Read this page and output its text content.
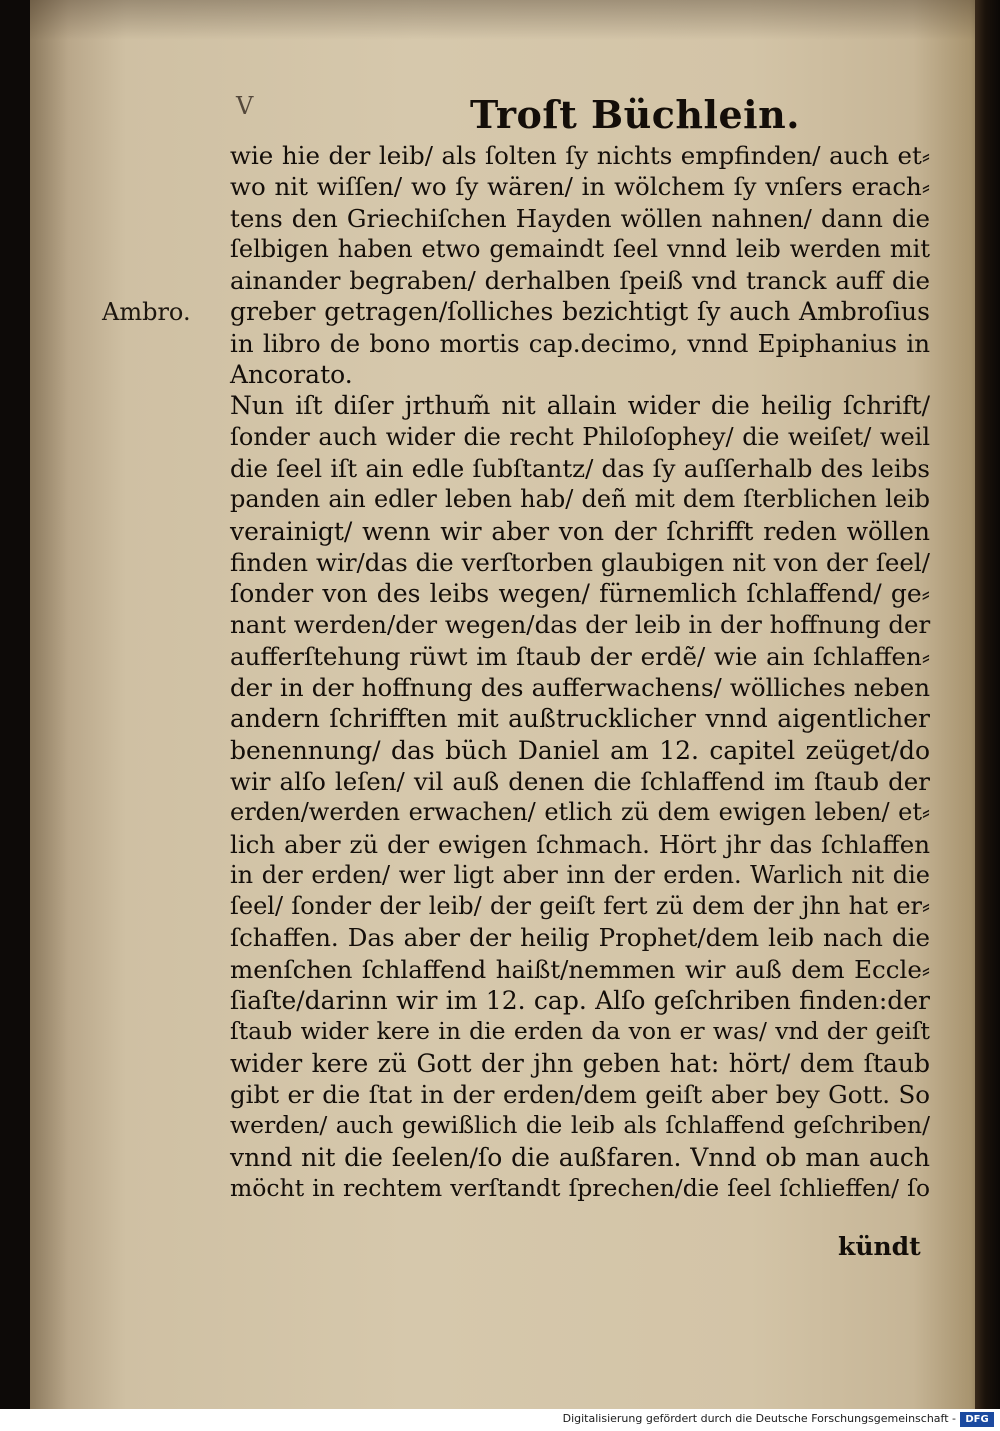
V	Troſt Büchlein.
Ambro.
wie hie der leib/ als ſolten ſy nichts empfinden/ auch et⸗
wo nit wiſſen/ wo ſy wären/ in wölchem ſy vnſers erach⸗
tens den Griechiſchen Hayden wöllen nahnen/ dann die
ſelbigen haben etwo gemaindt ſeel vnnd leib werden mit
ainander begraben/ derhalben ſpeiß vnd tranck auff die
greber getragen/ſolliches bezichtigt ſy auch Ambroſius
in libro de bono mortis cap.decimo, vnnd Epiphanius in
Ancorato.
Nun iſt diſer jrthum̃ nit allain wider die heilig ſchrift/
ſonder auch wider die recht Philoſophey/ die weiſet/ weil
die ſeel iſt ain edle ſubſtantz/ das ſy auſſerhalb des leibs
panden ain edler leben hab/ deñ mit dem ſterblichen leib
verainigt/ wenn wir aber von der ſchrifft reden wöllen
finden wir/das die verſtorben glaubigen nit von der ſeel/
ſonder von des leibs wegen/ fürnemlich ſchlaffend/ ge⸗
nant werden/der wegen/das der leib in der hoffnung der
aufferſtehung rüwt im ſtaub der erdẽ/ wie ain ſchlaffen⸗
der in der hoffnung des aufferwachens/ wölliches neben
andern ſchrifften mit außtrucklicher vnnd aigentlicher
benennung/ das büch Daniel am 12. capitel zeüget/do
wir alſo leſen/ vil auß denen die ſchlaffend im ſtaub der
erden/werden erwachen/ etlich zü dem ewigen leben/ et⸗
lich aber zü der ewigen ſchmach. Hört jhr das ſchlaffen
in der erden/ wer ligt aber inn der erden. Warlich nit die
ſeel/ ſonder der leib/ der geiſt fert zü dem der jhn hat er⸗
ſchaffen. Das aber der heilig Prophet/dem leib nach die
menſchen ſchlaffend haißt/nemmen wir auß dem Eccle⸗
ſiaſte/darinn wir im 12. cap. Alſo geſchriben finden:der
ſtaub wider kere in die erden da von er was/ vnd der geiſt
wider kere zü Gott der jhn geben hat: hört/ dem ſtaub
gibt er die ſtat in der erden/dem geiſt aber bey Gott. So
werden/ auch gewißlich die leib als ſchlaffend geſchriben/
vnnd nit die ſeelen/ſo die außfaren. Vnnd ob man auch
möcht in rechtem verſtandt ſprechen/die ſeel ſchlieffen/ ſo
kündt
Digitalisierung gefördert durch die Deutsche Forschungsgemeinschaft - DFG
